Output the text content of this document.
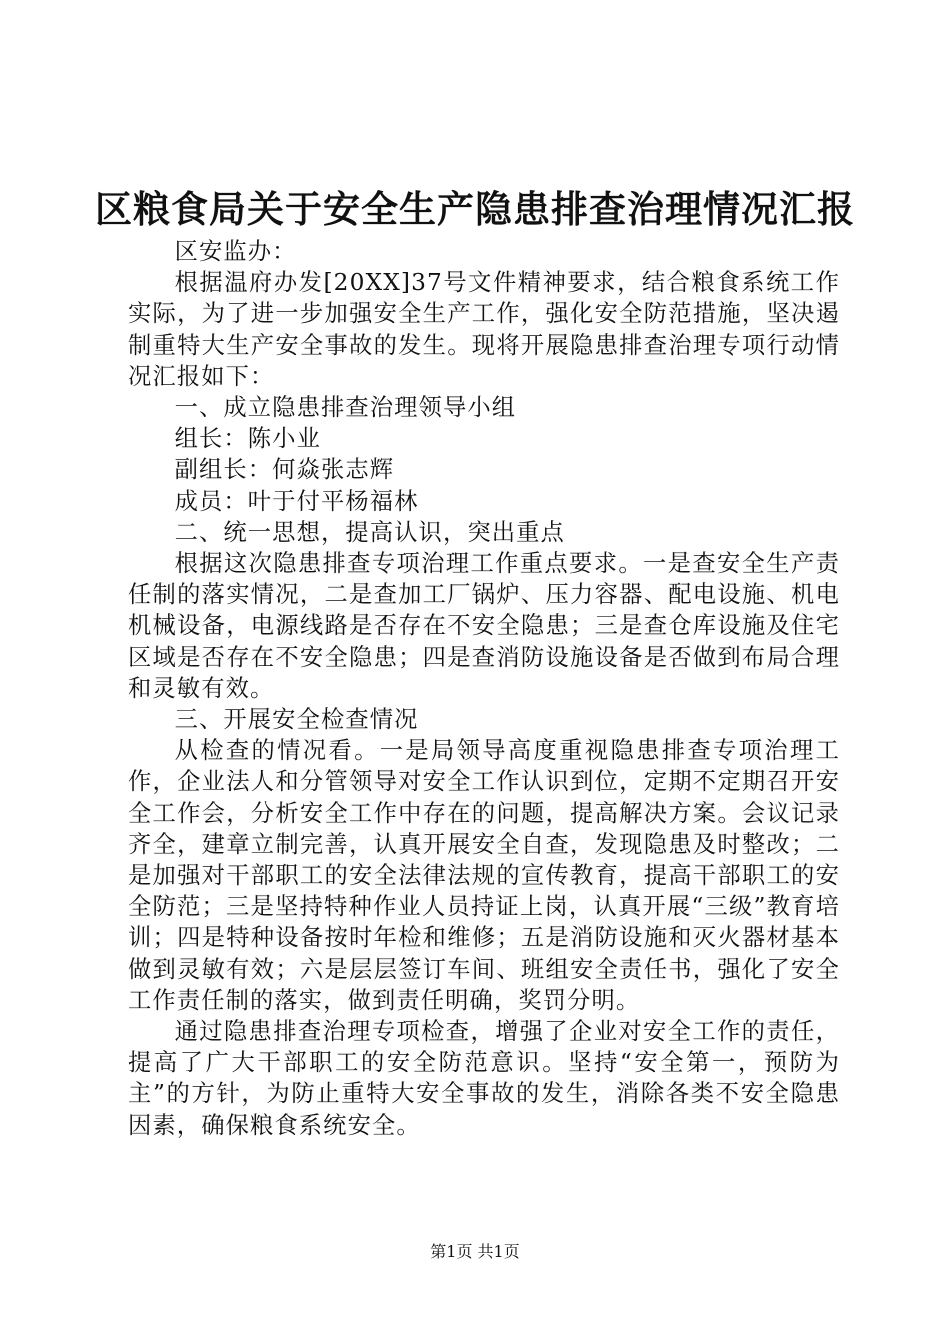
区粮食局关于安全生产隐患排查治理情况汇报

区安监办：

根据温府办发[20XX]37号文件精神要求，结合粮食系统工作实际，为了进一步加强安全生产工作，强化安全防范措施，坚决遏制重特大生产安全事故的发生。现将开展隐患排查治理专项行动情况汇报如下：

一、成立隐患排查治理领导小组

组长：陈小业

副组长：何焱张志辉

成员：叶于付平杨福林

二、统一思想，提高认识，突出重点

根据这次隐患排查专项治理工作重点要求。一是查安全生产责任制的落实情况，二是查加工厂锅炉、压力容器、配电设施、机电机械设备，电源线路是否存在不安全隐患；三是查仓库设施及住宅区域是否存在不安全隐患；四是查消防设施设备是否做到布局合理和灵敏有效。

三、开展安全检查情况

从检查的情况看。一是局领导高度重视隐患排查专项治理工作，企业法人和分管领导对安全工作认识到位，定期不定期召开安全工作会，分析安全工作中存在的问题，提高解决方案。会议记录齐全，建章立制完善，认真开展安全自查，发现隐患及时整改；二是加强对干部职工的安全法律法规的宣传教育，提高干部职工的安全防范；三是坚持特种作业人员持证上岗，认真开展“三级”教育培训；四是特种设备按时年检和维修；五是消防设施和灭火器材基本做到灵敏有效；六是层层签订车间、班组安全责任书，强化了安全工作责任制的落实，做到责任明确，奖罚分明。

通过隐患排查治理专项检查，增强了企业对安全工作的责任，提高了广大干部职工的安全防范意识。坚持“安全第一，预防为主”的方针，为防止重特大安全事故的发生，消除各类不安全隐患因素，确保粮食系统安全。

第1页 共1页
